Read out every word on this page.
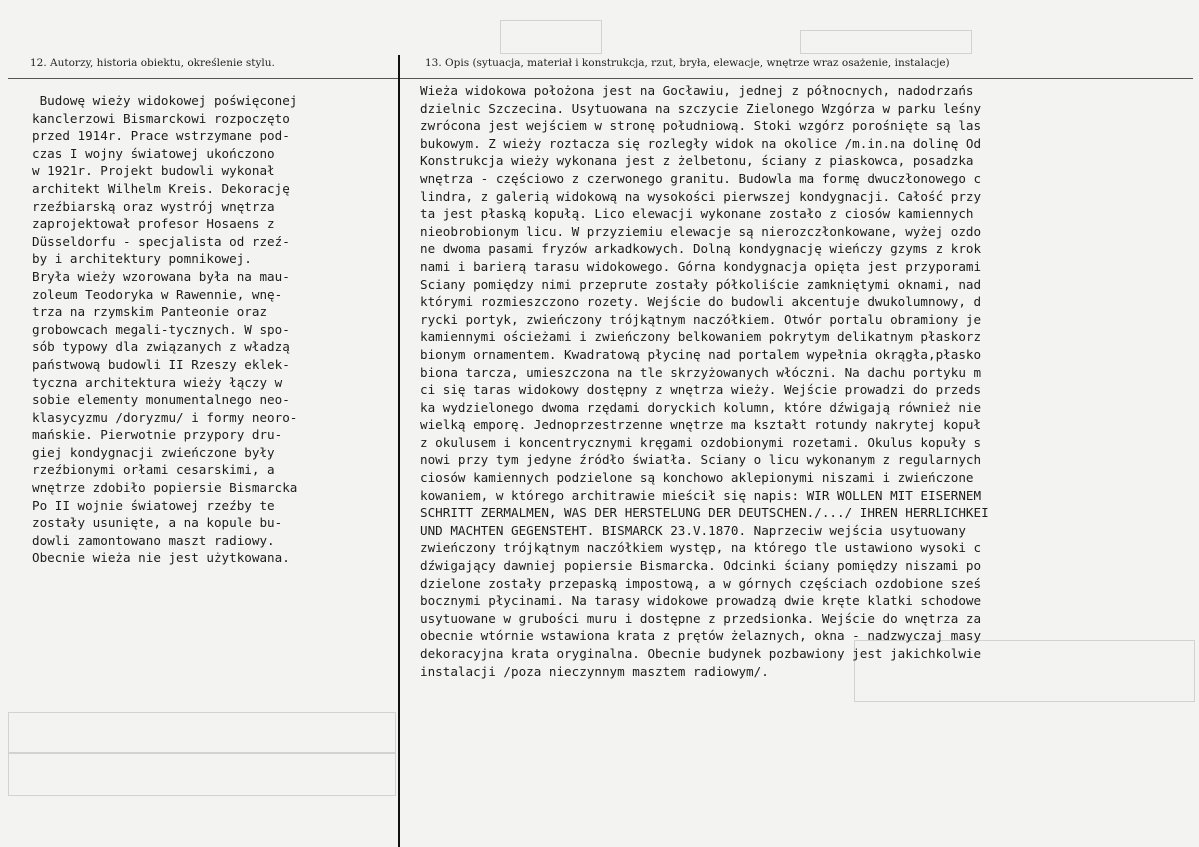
12. Autorzy, historia obiektu, określenie stylu.	13. Opis (sytuacja, materiał i konstrukcja, rzut, bryła, elewacje, wnętrze wraz osażenie, instalacje)
Budowę wieży widokowej poświęconej
kanclerzowi Bismarckowi rozpoczęto
przed 1914r. Prace wstrzymane pod-
czas I wojny światowej ukończono
w 1921r. Projekt budowli wykonał
architekt Wilhelm Kreis. Dekorację
rzeźbiarską oraz wystrój wnętrza
zaprojektował profesor Hosaens z
Düsseldorfu - specjalista od rzeź-
by i architektury pomnikowej.
Bryła wieży wzorowana była na mau-
zoleum Teodoryka w Rawennie, wnę-
trza na rzymskim Panteonie oraz
grobowcach megali-tycznych. W spo-
sób typowy dla związanych z władzą
państwową budowli II Rzeszy eklek-
tyczna architektura wieży łączy w
sobie elementy monumentalnego neo-
klasycyzmu /doryzmu/ i formy neoro-
mańskie. Pierwotnie przypory dru-
giej kondygnacji zwieńczone były
rzeźbionymi orłami cesarskimi, a
wnętrze zdobiło popiersie Bismarcka
Po II wojnie światowej rzeźby te
zostały usunięte, a na kopule bu-
dowli zamontowano maszt radiowy.
Obecnie wieża nie jest użytkowana.
Wieża widokowa położona jest na Gocławiu, jednej z północnych, nadodrzańs
dzielnic Szczecina. Usytuowana na szczycie Zielonego Wzgórza w parku leśny
zwrócona jest wejściem w stronę południową. Stoki wzgórz porośnięte są las
bukowym. Z wieży roztacza się rozległy widok na okolice /m.in.na dolinę Od
Konstrukcja wieży wykonana jest z żelbetonu, ściany z piaskowca, posadzka
wnętrza - częściowo z czerwonego granitu. Budowla ma formę dwuczłonowego c
lindra, z galerią widokową na wysokości pierwszej kondygnacji. Całość przy
ta jest płaską kopułą. Lico elewacji wykonane zostało z ciosów kamiennych
nieobrobionym licu. W przyziemiu elewacje są nierozczłonkowane, wyżej ozdo
ne dwoma pasami fryzów arkadkowych. Dolną kondygnację wieńczy gzyms z krok
nami i barierą tarasu widokowego. Górna kondygnacja opięta jest przyporami
Sciany pomiędzy nimi przeprute zostały półkoliście zamkniętymi oknami, nad
którymi rozmieszczono rozety. Wejście do budowli akcentuje dwukolumnowy, d
rycki portyk, zwieńczony trójkątnym naczółkiem. Otwór portalu obramiony je
kamiennymi ościeżami i zwieńczony belkowaniem pokrytym delikatnym płaskorz
bionym ornamentem. Kwadratową płycinę nad portalem wypełnia okrągła,płasko
biona tarcza, umieszczona na tle skrzyżowanych włóczni. Na dachu portyku m
ci się taras widokowy dostępny z wnętrza wieży. Wejście prowadzi do przeds
ka wydzielonego dwoma rzędami doryckich kolumn, które dźwigają również nie
wielką emporę. Jednoprzestrzenne wnętrze ma kształt rotundy nakrytej kopuł
z okulusem i koncentrycznymi kręgami ozdobionymi rozetami. Okulus kopuły s
nowi przy tym jedyne źródło światła. Sciany o licu wykonanym z regularnych
ciosów kamiennych podzielone są konchowo aklepionymi niszami i zwieńczone
kowaniem, w którego architrawie mieścił się napis: WIR WOLLEN MIT EISERNEM
SCHRITT ZERMALMEN, WAS DER HERSTELUNG DER DEUTSCHEN./.../ IHREN HERRLICHKEI
UND MACHTEN GEGENSTEHT. BISMARCK 23.V.1870. Naprzeciw wejścia usytuowany
zwieńczony trójkątnym naczółkiem występ, na którego tle ustawiono wysoki c
dźwigający dawniej popiersie Bismarcka. Odcinki ściany pomiędzy niszami po
dzielone zostały przepaską impostową, a w górnych częściach ozdobione sześ
bocznymi płycinami. Na tarasy widokowe prowadzą dwie kręte klatki schodowe
usytuowane w grubości muru i dostępne z przedsionka. Wejście do wnętrza za
obecnie wtórnie wstawiona krata z prętów żelaznych, okna - nadzwyczaj masy
dekoracyjna krata oryginalna. Obecnie budynek pozbawiony jest jakichkolwie
instalacji /poza nieczynnym masztem radiowym/.
